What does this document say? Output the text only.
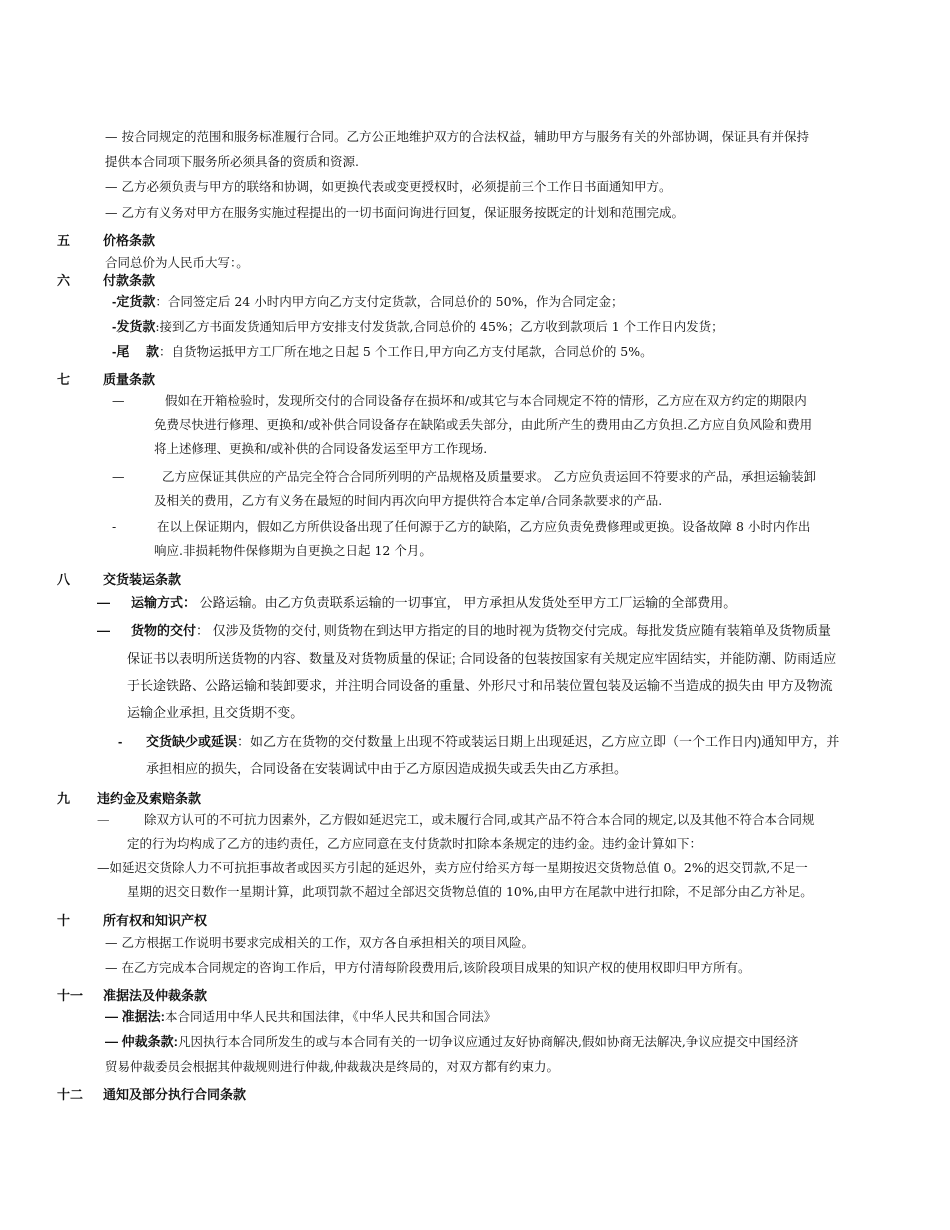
— 按合同规定的范围和服务标准履行合同。乙方公正地维护双方的合法权益，辅助甲方与服务有关的外部协调，保证具有并保持
提供本合同项下服务所必须具备的资质和资源.
— 乙方必须负责与甲方的联络和协调，如更换代表或变更授权时，必须提前三个工作日书面通知甲方。
— 乙方有义务对甲方在服务实施过程提出的一切书面问询进行回复，保证服务按既定的计划和范围完成。
五	价格条款
合同总价为人民币大写：。
六	付款条款
-定货款：合同签定后 24 小时内甲方向乙方支付定货款，合同总价的 50%，作为合同定金；
-发货款:接到乙方书面发货通知后甲方安排支付发货款,合同总价的 45%；乙方收到款项后 1 个工作日内发货；
-尾　 款：自货物运抵甲方工厂所在地之日起 5 个工作日,甲方向乙方支付尾款，合同总价的 5%。
七	质量条款
—	假如在开箱检验时，发现所交付的合同设备存在损坏和/或其它与本合同规定不符的情形，乙方应在双方约定的期限内
免费尽快进行修理、更换和/或补供合同设备存在缺陷或丢失部分，由此所产生的费用由乙方负担.乙方应自负风险和费用
将上述修理、更换和/或补供的合同设备发运至甲方工作现场.
—	乙方应保证其供应的产品完全符合合同所列明的产品规格及质量要求。 乙方应负责运回不符要求的产品，承担运输装卸
及相关的费用，乙方有义务在最短的时间内再次向甲方提供符合本定单/合同条款要求的产品.
-	在以上保证期内，假如乙方所供设备出现了任何源于乙方的缺陷，乙方应负责免费修理或更换。设备故障 8 小时内作出
响应.非损耗物件保修期为自更换之日起 12 个月。
八	交货装运条款
— 运输方式： 公路运输。由乙方负责联系运输的一切事宜， 甲方承担从发货处至甲方工厂运输的全部费用。
— 货物的交付： 仅涉及货物的交付, 则货物在到达甲方指定的目的地时视为货物交付完成。每批发货应随有装箱单及货物质量
保证书以表明所送货物的内容、数量及对货物质量的保证; 合同设备的包装按国家有关规定应牢固结实，并能防潮、防雨适应
于长途铁路、公路运输和装卸要求，并注明合同设备的重量、外形尺寸和吊装位置包装及运输不当造成的损失由 甲方及物流
运输企业承担, 且交货期不变。
- 交货缺少或延误：如乙方在货物的交付数量上出现不符或装运日期上出现延迟，乙方应立即（一个工作日内)通知甲方，并
承担相应的损失，合同设备在安装调试中由于乙方原因造成损失或丢失由乙方承担。
九 违约金及索赔条款
—	除双方认可的不可抗力因素外，乙方假如延迟完工，或未履行合同,或其产品不符合本合同的规定,以及其他不符合本合同规
定的行为均构成了乙方的违约责任，乙方应同意在支付货款时扣除本条规定的违约金。违约金计算如下：
—如延迟交货除人力不可抗拒事故者或因买方引起的延迟外，卖方应付给买方每一星期按迟交货物总值 0。2%的迟交罚款,不足一
星期的迟交日数作一星期计算，此项罚款不超过全部迟交货物总值的 10%,由甲方在尾款中进行扣除，不足部分由乙方补足。
十	所有权和知识产权
— 乙方根据工作说明书要求完成相关的工作，双方各自承担相关的项目风险。
— 在乙方完成本合同规定的咨询工作后，甲方付清每阶段费用后,该阶段项目成果的知识产权的使用权即归甲方所有。
十一 准据法及仲裁条款
— 准据法:本合同适用中华人民共和国法律，《中华人民共和国合同法》
— 仲裁条款:凡因执行本合同所发生的或与本合同有关的一切争议应通过友好协商解决,假如协商无法解决,争议应提交中国经济
贸易仲裁委员会根据其仲裁规则进行仲裁,仲裁裁决是终局的，对双方都有约束力。
十二 通知及部分执行合同条款
